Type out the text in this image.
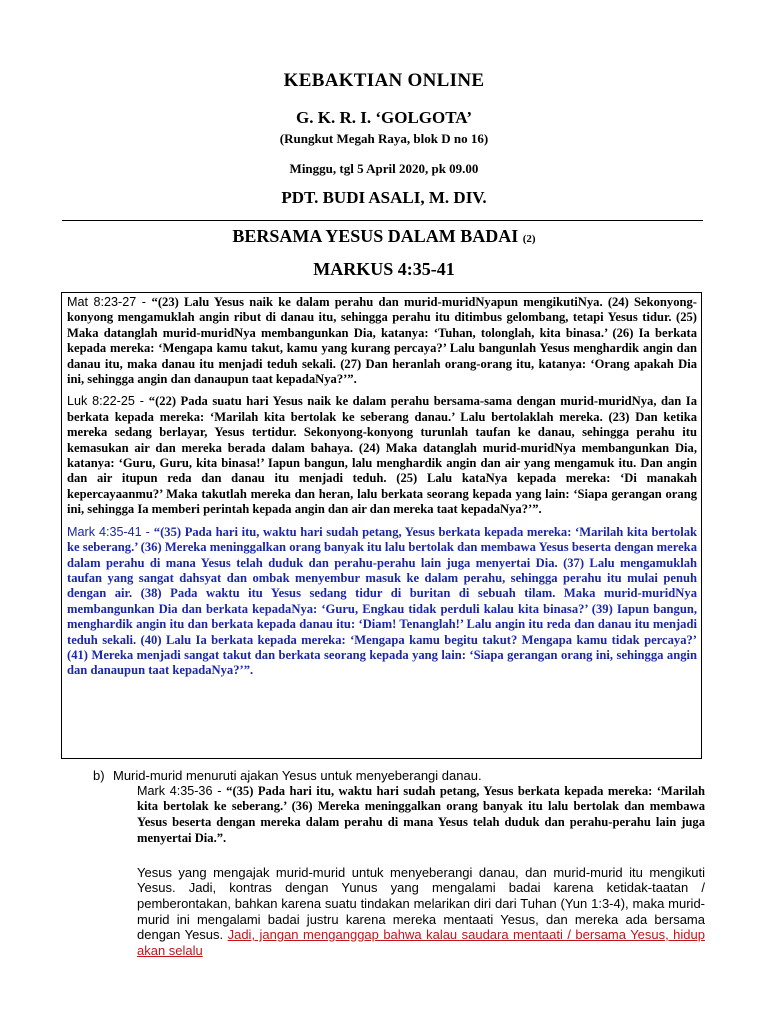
KEBAKTIAN ONLINE
G. K. R. I. ‘GOLGOTA’
(Rungkut Megah Raya, blok D no 16)
Minggu, tgl 5 April 2020, pk 09.00
PDT. BUDI ASALI, M. DIV.
BERSAMA YESUS DALAM BADAI (2)
MARKUS 4:35-41

Mat 8:23-27 - “(23) Lalu Yesus naik ke dalam perahu dan murid-muridNyapun mengikutiNya. (24) Sekonyong-konyong mengamuklah angin ribut di danau itu, sehingga perahu itu ditimbus gelombang, tetapi Yesus tidur. (25) Maka datanglah murid-muridNya membangunkan Dia, katanya: ‘Tuhan, tolonglah, kita binasa.’ (26) Ia berkata kepada mereka: ‘Mengapa kamu takut, kamu yang kurang percaya?’ Lalu bangunlah Yesus menghardik angin dan danau itu, maka danau itu menjadi teduh sekali. (27) Dan heranlah orang-orang itu, katanya: ‘Orang apakah Dia ini, sehingga angin dan danaupun taat kepadaNya?’”.

Luk 8:22-25 - “(22) Pada suatu hari Yesus naik ke dalam perahu bersama-sama dengan murid-muridNya, dan Ia berkata kepada mereka: ‘Marilah kita bertolak ke seberang danau.’ Lalu bertolaklah mereka. (23) Dan ketika mereka sedang berlayar, Yesus tertidur. Sekonyong-konyong turunlah taufan ke danau, sehingga perahu itu kemasukan air dan mereka berada dalam bahaya. (24) Maka datanglah murid-muridNya membangunkan Dia, katanya: ‘Guru, Guru, kita binasa!’ Iapun bangun, lalu menghardik angin dan air yang mengamuk itu. Dan angin dan air itupun reda dan danau itu menjadi teduh. (25) Lalu kataNya kepada mereka: ‘Di manakah kepercayaanmu?’ Maka takutlah mereka dan heran, lalu berkata seorang kepada yang lain: ‘Siapa gerangan orang ini, sehingga Ia memberi perintah kepada angin dan air dan mereka taat kepadaNya?’”.

Mark 4:35-41 - “(35) Pada hari itu, waktu hari sudah petang, Yesus berkata kepada mereka: ‘Marilah kita bertolak ke seberang.’ (36) Mereka meninggalkan orang banyak itu lalu bertolak dan membawa Yesus beserta dengan mereka dalam perahu di mana Yesus telah duduk dan perahu-perahu lain juga menyertai Dia. (37) Lalu mengamuklah taufan yang sangat dahsyat dan ombak menyembur masuk ke dalam perahu, sehingga perahu itu mulai penuh dengan air. (38) Pada waktu itu Yesus sedang tidur di buritan di sebuah tilam. Maka murid-muridNya membangunkan Dia dan berkata kepadaNya: ‘Guru, Engkau tidak perduli kalau kita binasa?’ (39) Iapun bangun, menghardik angin itu dan berkata kepada danau itu: ‘Diam! Tenanglah!’ Lalu angin itu reda dan danau itu menjadi teduh sekali. (40) Lalu Ia berkata kepada mereka: ‘Mengapa kamu begitu takut? Mengapa kamu tidak percaya?’ (41) Mereka menjadi sangat takut dan berkata seorang kepada yang lain: ‘Siapa gerangan orang ini, sehingga angin dan danaupun taat kepadaNya?’”.

b) Murid-murid menuruti ajakan Yesus untuk menyeberangi danau.
Mark 4:35-36 - “(35) Pada hari itu, waktu hari sudah petang, Yesus berkata kepada mereka: ‘Marilah kita bertolak ke seberang.’ (36) Mereka meninggalkan orang banyak itu lalu bertolak dan membawa Yesus beserta dengan mereka dalam perahu di mana Yesus telah duduk dan perahu-perahu lain juga menyertai Dia.”.
Yesus yang mengajak murid-murid untuk menyeberangi danau, dan murid-murid itu mengikuti Yesus. Jadi, kontras dengan Yunus yang mengalami badai karena ketidak-taatan / pemberontakan, bahkan karena suatu tindakan melarikan diri dari Tuhan (Yun 1:3-4), maka murid-murid ini mengalami badai justru karena mereka mentaati Yesus, dan mereka ada bersama dengan Yesus. Jadi, jangan menganggap bahwa kalau saudara mentaati / bersama Yesus, hidup akan selalu
